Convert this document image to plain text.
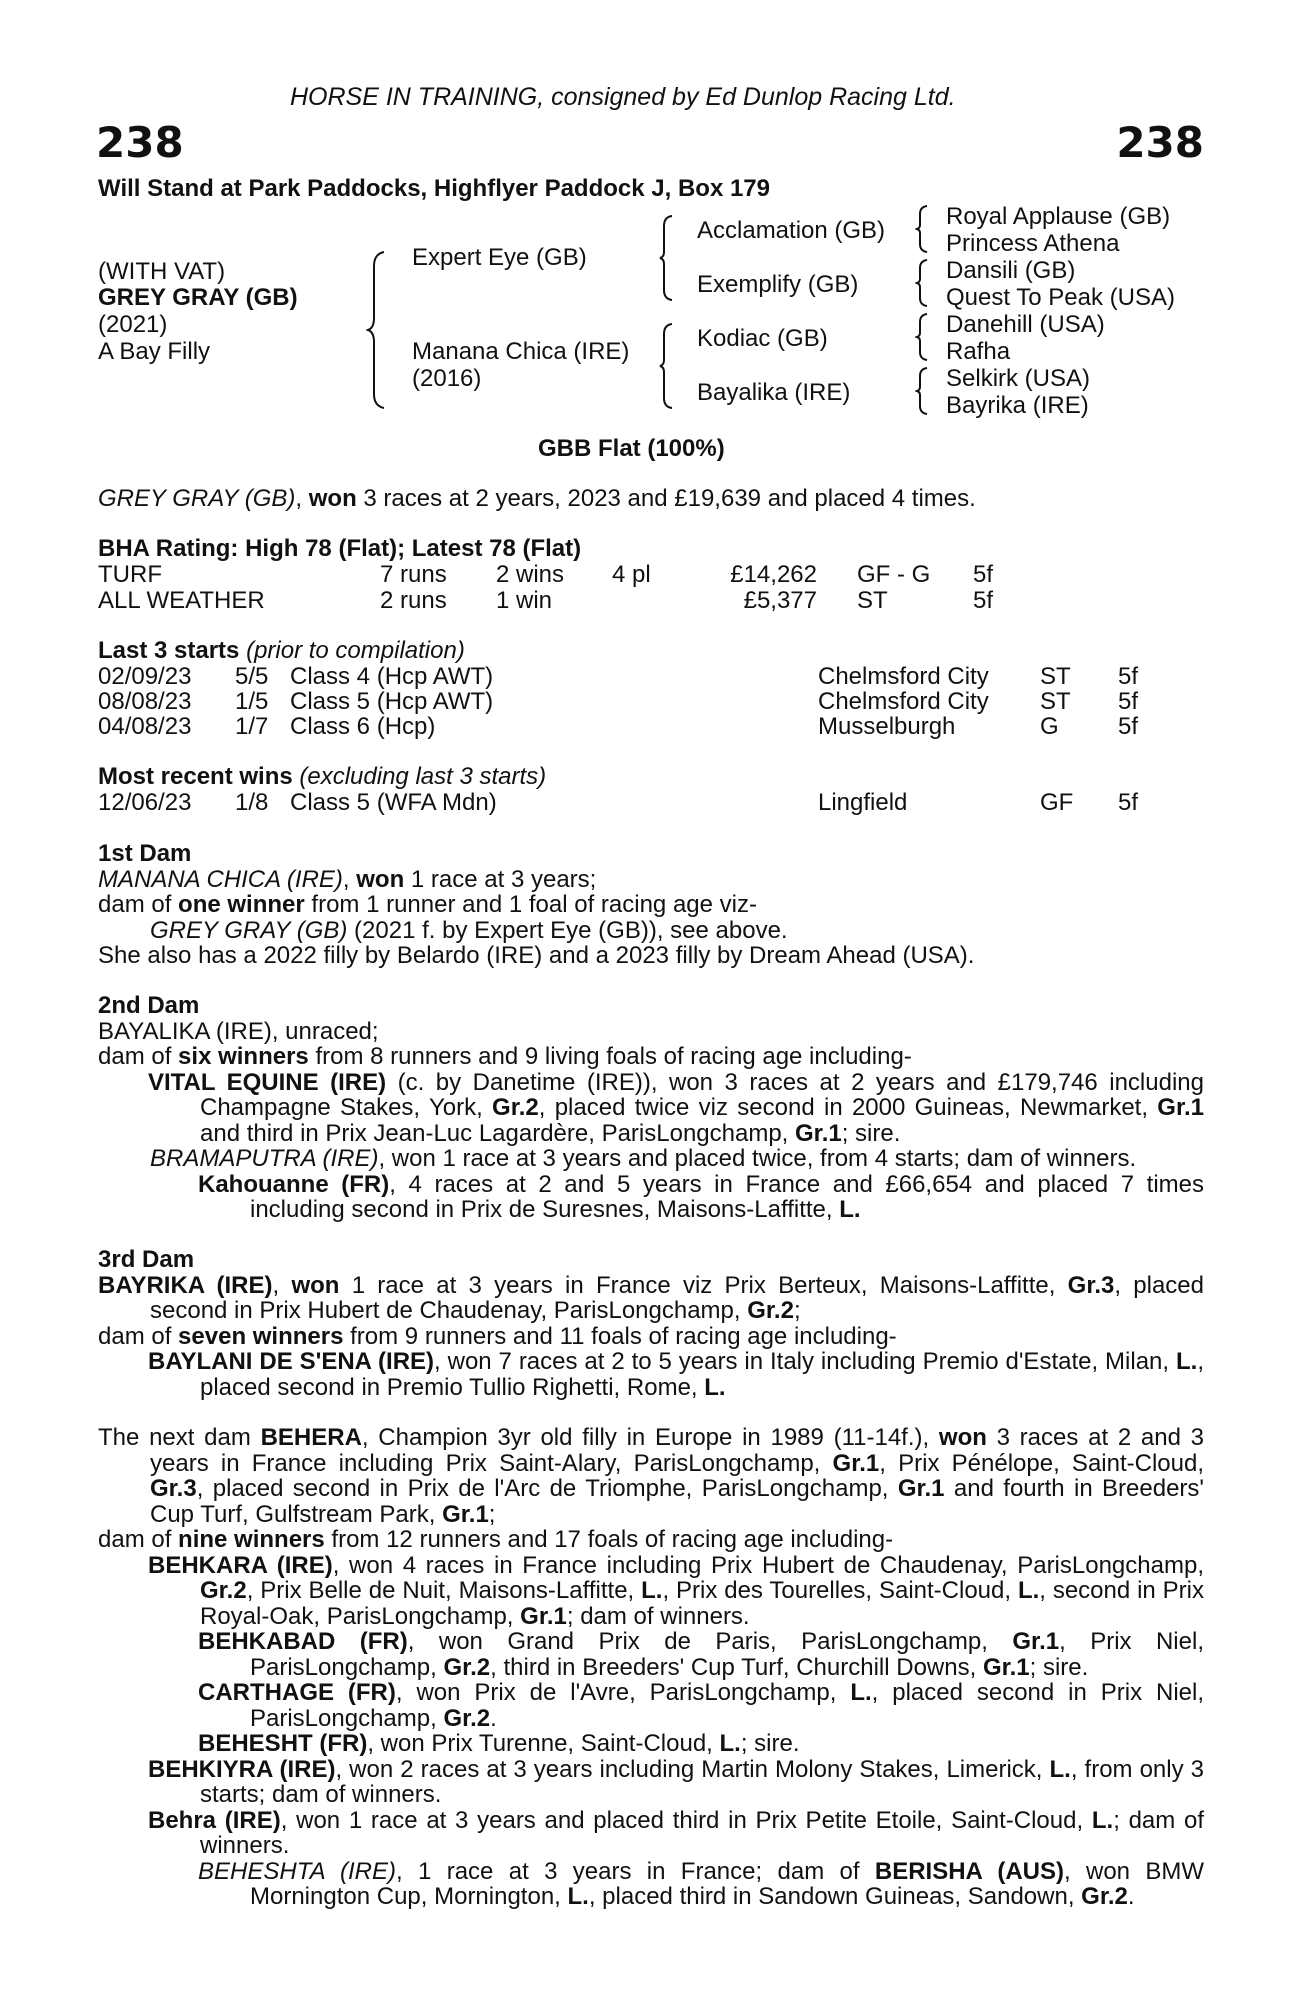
HORSE IN TRAINING, consigned by Ed Dunlop Racing Ltd.
238	238
Will Stand at Park Paddocks, Highflyer Paddock J, Box 179
(WITH VAT)
GREY GRAY (GB)
(2021)
A Bay Filly
Expert Eye (GB)
Manana Chica (IRE)
(2016)
Acclamation (GB)
Exemplify (GB)
Kodiac (GB)
Bayalika (IRE)
Royal Applause (GB)
Princess Athena
Dansili (GB)
Quest To Peak (USA)
Danehill (USA)
Rafha
Selkirk (USA)
Bayrika (IRE)
GBB Flat (100%)
GREY GRAY (GB), won 3 races at 2 years, 2023 and £19,639 and placed 4 times.
BHA Rating: High 78 (Flat); Latest 78 (Flat)
TURF	7 runs 2 wins 4 pl	£14,262 GF - G 5f
ALL WEATHER	2 runs 1 win	£5,377 ST	5f
Last 3 starts (prior to compilation)
02/09/23 5/5 Class 4 (Hcp AWT)	Chelmsford City ST 5f
08/08/23 1/5 Class 5 (Hcp AWT)	Chelmsford City ST 5f
04/08/23 1/7 Class 6 (Hcp)	Musselburgh	G 5f
Most recent wins (excluding last 3 starts)
12/06/23 1/8 Class 5 (WFA Mdn)	Lingfield	GF 5f

1st Dam

MANANA CHICA (IRE), won 1 race at 3 years;

dam of one winner from 1 runner and 1 foal of racing age viz-

GREY GRAY (GB) (2021 f. by Expert Eye (GB)), see above.

She also has a 2022 filly by Belardo (IRE) and a 2023 filly by Dream Ahead (USA).

2nd Dam

BAYALIKA (IRE), unraced;

dam of six winners from 8 runners and 9 living foals of racing age including-

VITAL EQUINE (IRE) (c. by Danetime (IRE)), won 3 races at 2 years and £179,746 including Champagne Stakes, York, Gr.2, placed twice viz second in 2000 Guineas, Newmarket, Gr.1 and third in Prix Jean-Luc Lagardère, ParisLongchamp, Gr.1; sire.

BRAMAPUTRA (IRE), won 1 race at 3 years and placed twice, from 4 starts; dam of winners.

Kahouanne (FR), 4 races at 2 and 5 years in France and £66,654 and placed 7 times including second in Prix de Suresnes, Maisons-Laffitte, L.

3rd Dam

BAYRIKA (IRE), won 1 race at 3 years in France viz Prix Berteux, Maisons-Laffitte, Gr.3, placed second in Prix Hubert de Chaudenay, ParisLongchamp, Gr.2;

dam of seven winners from 9 runners and 11 foals of racing age including-

BAYLANI DE S'ENA (IRE), won 7 races at 2 to 5 years in Italy including Premio d'Estate, Milan, L., placed second in Premio Tullio Righetti, Rome, L.

The next dam BEHERA, Champion 3yr old filly in Europe in 1989 (11-14f.), won 3 races at 2 and 3 years in France including Prix Saint-Alary, ParisLongchamp, Gr.1, Prix Pénélope, Saint-Cloud, Gr.3, placed second in Prix de l'Arc de Triomphe, ParisLongchamp, Gr.1 and fourth in Breeders' Cup Turf, Gulfstream Park, Gr.1;

dam of nine winners from 12 runners and 17 foals of racing age including-

BEHKARA (IRE), won 4 races in France including Prix Hubert de Chaudenay, ParisLongchamp, Gr.2, Prix Belle de Nuit, Maisons-Laffitte, L., Prix des Tourelles, Saint-Cloud, L., second in Prix Royal-Oak, ParisLongchamp, Gr.1; dam of winners.

BEHKABAD (FR), won Grand Prix de Paris, ParisLongchamp, Gr.1, Prix Niel, ParisLongchamp, Gr.2, third in Breeders' Cup Turf, Churchill Downs, Gr.1; sire.

CARTHAGE (FR), won Prix de l'Avre, ParisLongchamp, L., placed second in Prix Niel, ParisLongchamp, Gr.2.

BEHESHT (FR), won Prix Turenne, Saint-Cloud, L.; sire.

BEHKIYRA (IRE), won 2 races at 3 years including Martin Molony Stakes, Limerick, L., from only 3 starts; dam of winners.

Behra (IRE), won 1 race at 3 years and placed third in Prix Petite Etoile, Saint-Cloud, L.; dam of winners.

BEHESHTA (IRE), 1 race at 3 years in France; dam of BERISHA (AUS), won BMW Mornington Cup, Mornington, L., placed third in Sandown Guineas, Sandown, Gr.2.
